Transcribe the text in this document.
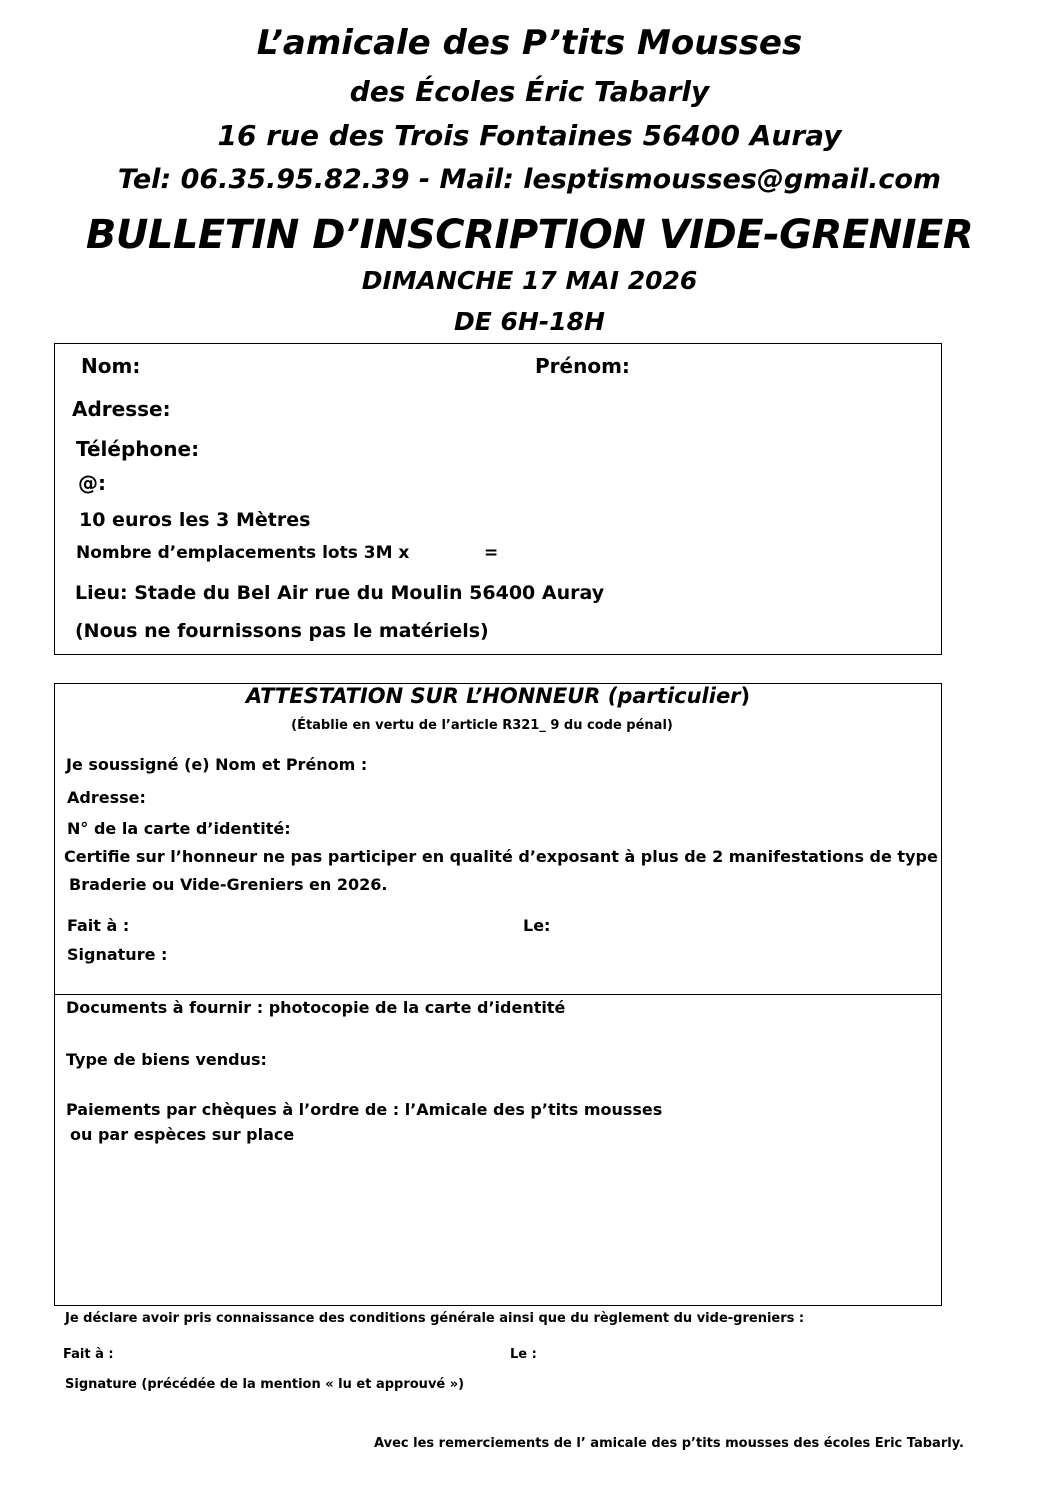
L’amicale des P’tits Mousses
des Écoles Éric Tabarly
16 rue des Trois Fontaines 56400 Auray
Tel: 06.35.95.82.39 - Mail: lesptismousses@gmail.com
BULLETIN D’INSCRIPTION VIDE-GRENIER
DIMANCHE 17 MAI 2026
DE 6H-18H
Nom:	Prénom:
Adresse:
Téléphone:
@:
10 euros les 3 Mètres
Nombre d’emplacements lots 3M x	=
Lieu: Stade du Bel Air rue du Moulin 56400 Auray
(Nous ne fournissons pas le matériels)
ATTESTATION SUR L’HONNEUR (particulier)
(Établie en vertu de l’article R321_ 9 du code pénal)
Je soussigné (e) Nom et Prénom :
Adresse:
N° de la carte d’identité:
Certifie sur l’honneur ne pas participer en qualité d’exposant à plus de 2 manifestations de type
Braderie ou Vide-Greniers en 2026.
Fait à :	Le:
Signature :
Documents à fournir : photocopie de la carte d’identité
Type de biens vendus:
Paiements par chèques à l’ordre de : l’Amicale des p’tits mousses
ou par espèces sur place
Je déclare avoir pris connaissance des conditions générale ainsi que du règlement du vide-greniers :
Fait à :	Le :
Signature (précédée de la mention « lu et approuvé »)
Avec les remerciements de l’ amicale des p’tits mousses des écoles Eric Tabarly.
